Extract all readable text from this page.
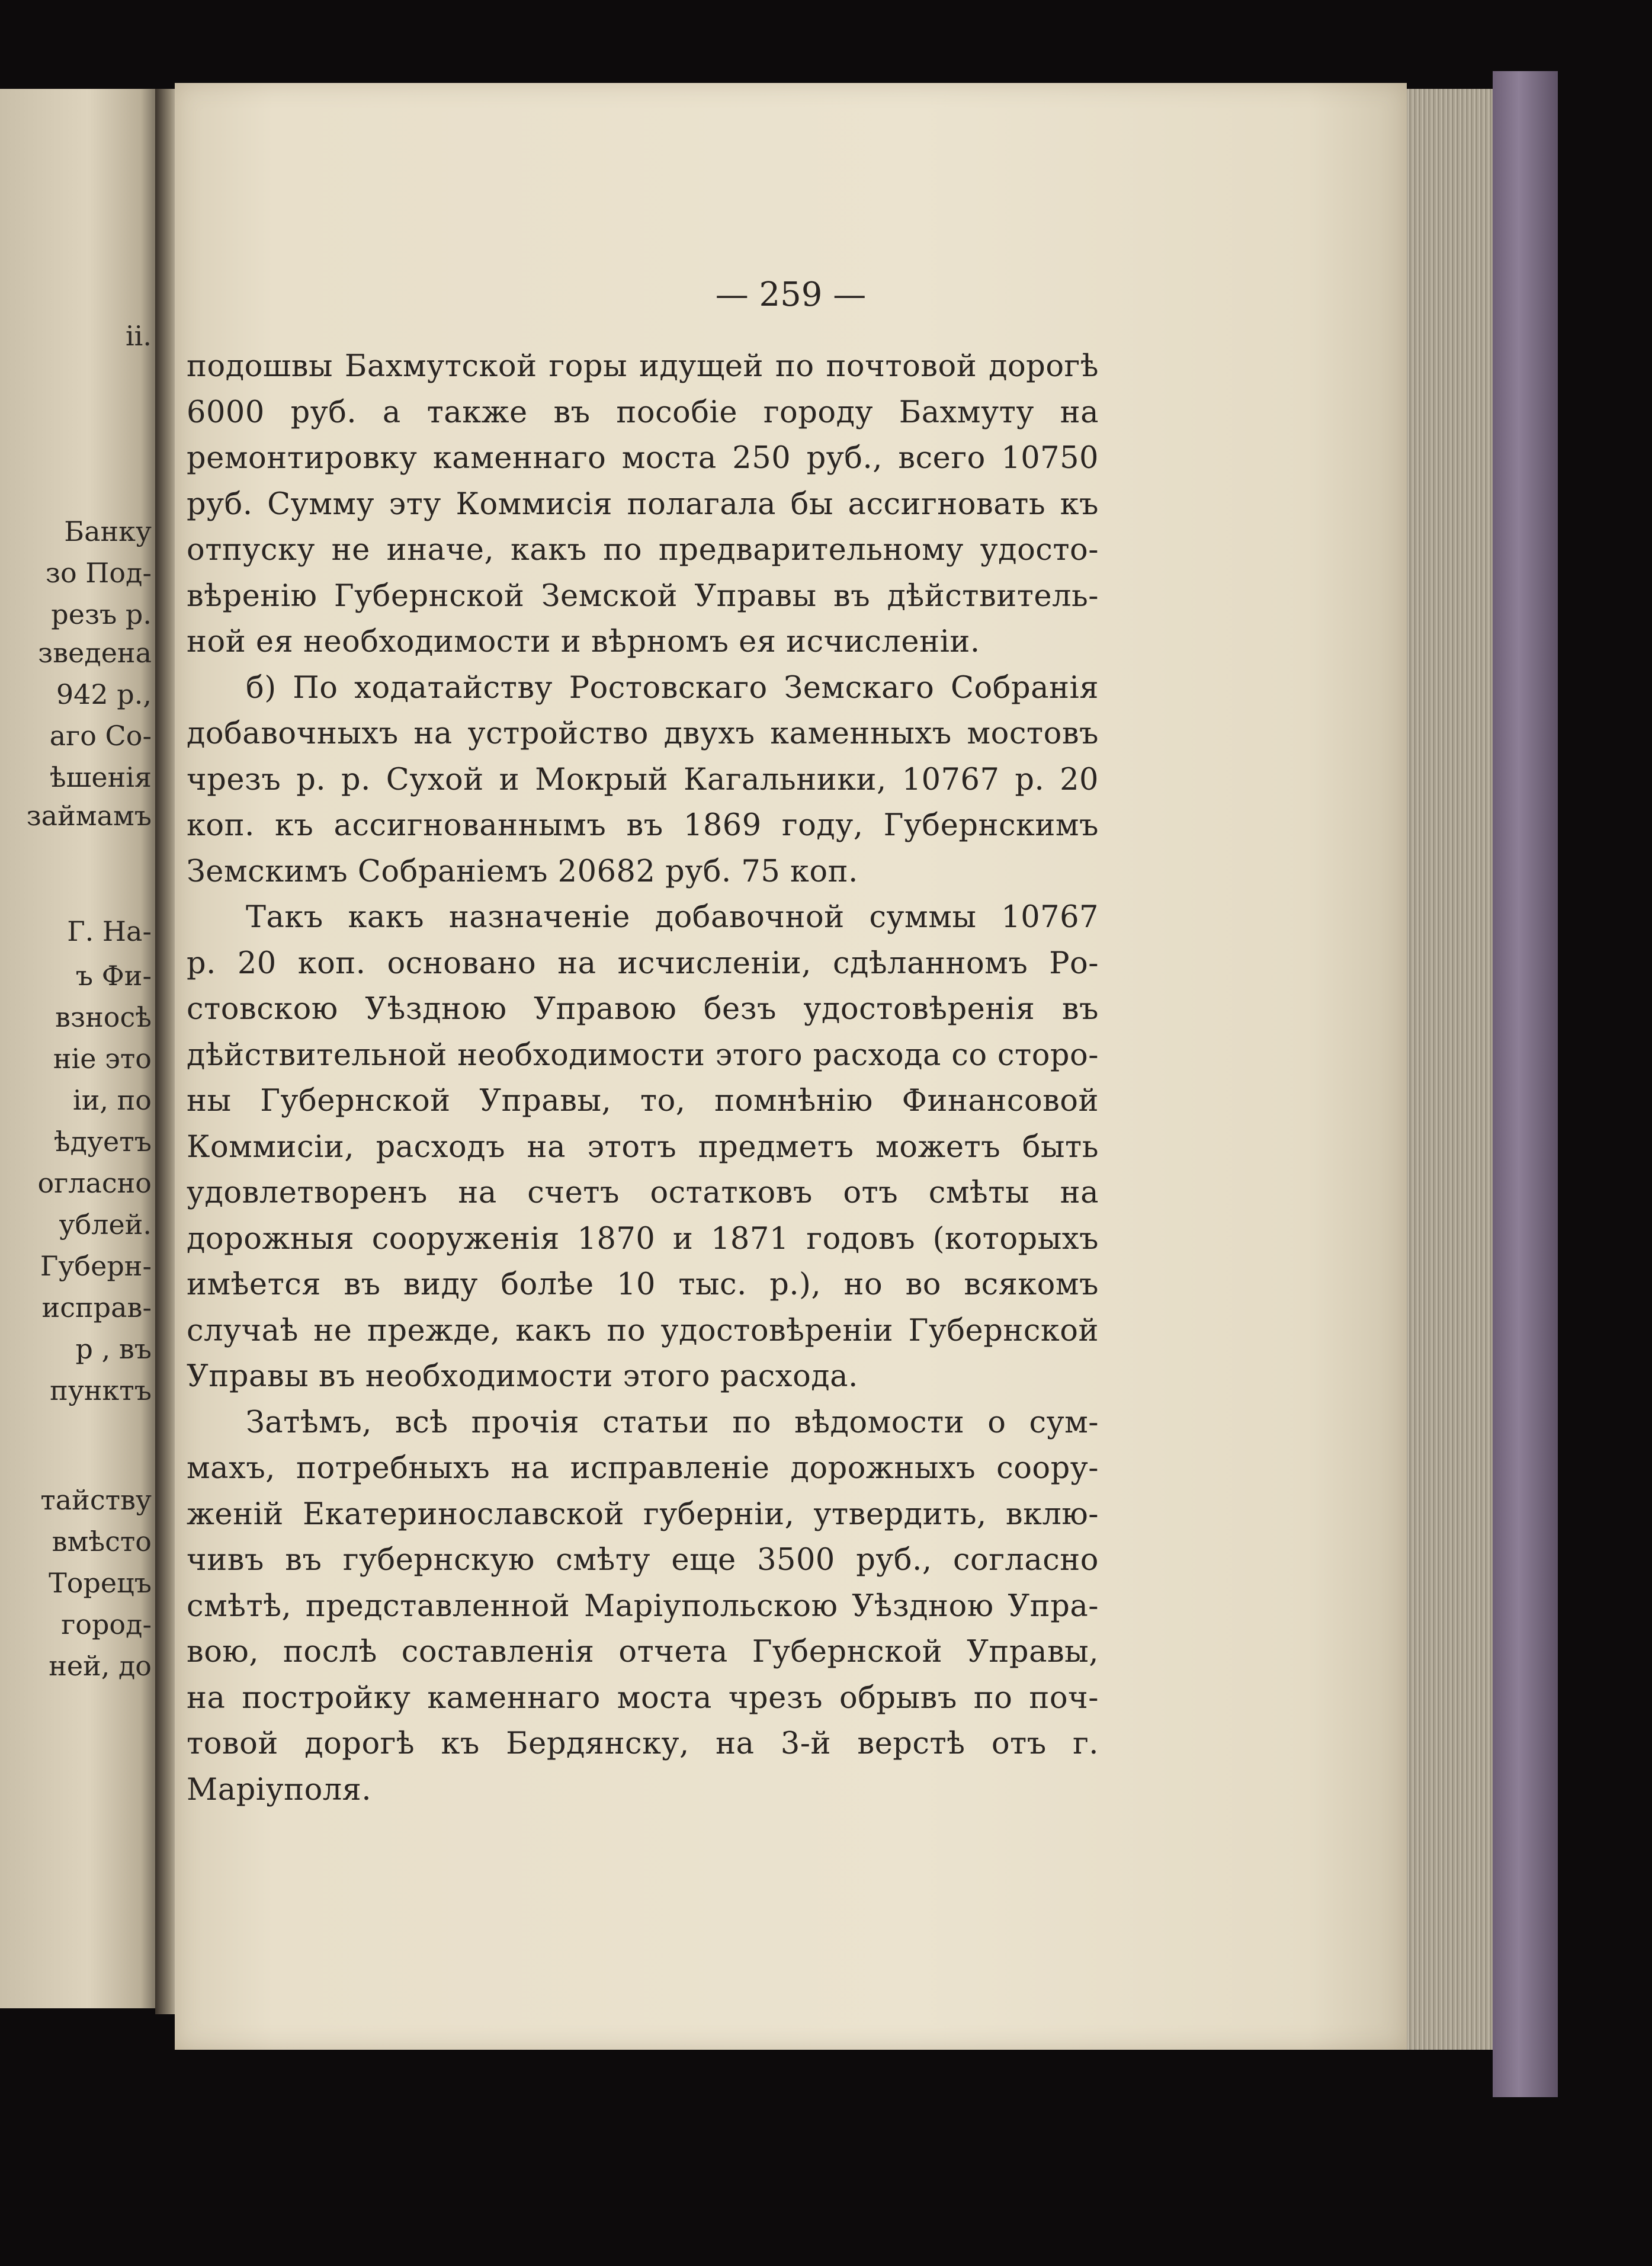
ii.
Банку
зо Под-
резъ р.
зведена
942 р.,
аго Со-
ѣшенія
займамъ
Г. На-
ъ Фи-
взносѣ
ніе это
іи, по
ѣдуетъ
огласно
ублей.
Губерн-
исправ-
р , въ
пунктъ
тайству
вмѣсто
Торецъ
город-
ней, до
— 259 —
подошвы Бахмутской горы идущей по почтовой дорогѣ
6000 руб. а также въ пособіе городу Бахмуту на
ремонтировку каменнаго моста 250 руб., всего 10750
руб. Сумму эту Коммисія полагала бы ассигновать къ
отпуску не иначе, какъ по предварительному удосто-
вѣренію Губернской Земской Управы въ дѣйствитель-
ной ея необходимости и вѣрномъ ея исчисленіи.
б) По ходатайству Ростовскаго Земскаго Собранія
добавочныхъ на устройство двухъ каменныхъ мостовъ
чрезъ р. р. Сухой и Мокрый Кагальники, 10767 р. 20
коп. къ ассигнованнымъ въ 1869 году, Губернскимъ
Земскимъ Собраніемъ 20682 руб. 75 коп.
Такъ какъ назначеніе добавочной суммы 10767
р. 20 коп. основано на исчисленіи, сдѣланномъ Ро-
стовскою Уѣздною Управою безъ удостовѣренія въ
дѣйствительной необходимости этого расхода со сторо-
ны Губернской Управы, то, помнѣнію Финансовой
Коммисіи, расходъ на этотъ предметъ можетъ быть
удовлетворенъ на счетъ остатковъ отъ смѣты на
дорожныя сооруженія 1870 и 1871 годовъ (которыхъ
имѣется въ виду болѣе 10 тыс. р.), но во всякомъ
случаѣ не прежде, какъ по удостовѣреніи Губернской
Управы въ необходимости этого расхода.
Затѣмъ, всѣ прочія статьи по вѣдомости о сум-
махъ, потребныхъ на исправленіе дорожныхъ соору-
женій Екатеринославской губерніи, утвердить, вклю-
чивъ въ губернскую смѣту еще 3500 руб., согласно
смѣтѣ, представленной Маріупольскою Уѣздною Упра-
вою, послѣ составленія отчета Губернской Управы,
на постройку каменнаго моста чрезъ обрывъ по поч-
товой дорогѣ къ Бердянску, на 3-й верстѣ отъ г.
Маріуполя.
